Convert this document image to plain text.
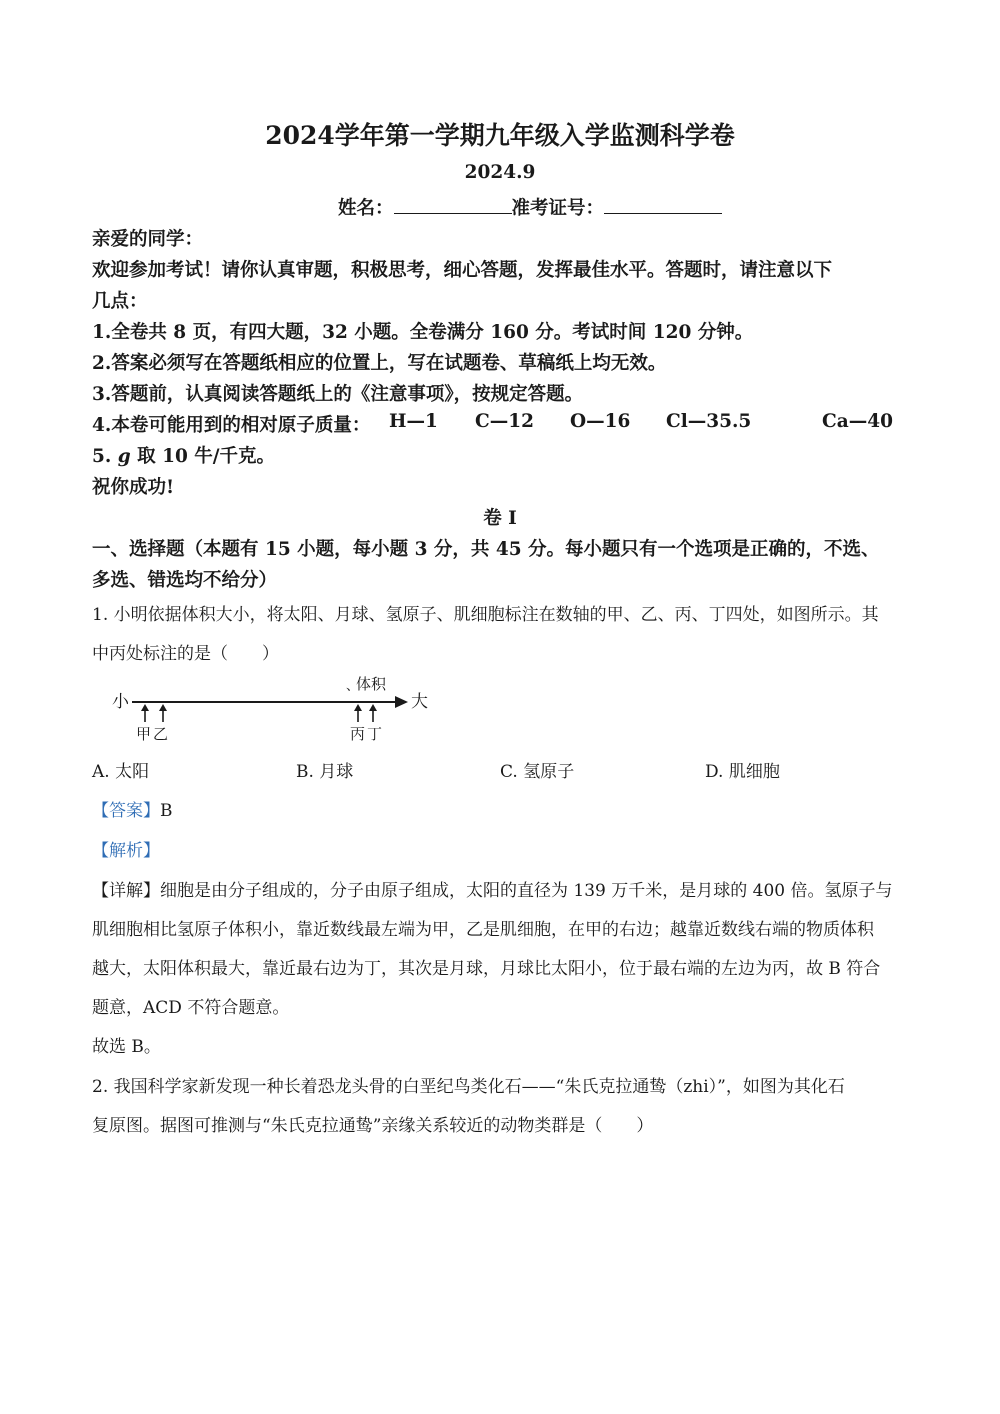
2024学年第一学期九年级入学监测科学卷
2024.9
姓名：	准考证号：
亲爱的同学：
欢迎参加考试！请你认真审题，积极思考，细心答题，发挥最佳水平。答题时，请注意以下
几点：
1.全卷共 8 页，有四大题，32 小题。全卷满分 160 分。考试时间 120 分钟。
2.答案必须写在答题纸相应的位置上，写在试题卷、草稿纸上均无效。
3.答题前，认真阅读答题纸上的《注意事项》，按规定答题。
4.本卷可能用到的相对原子质量： H—1 C—12 O—16 Cl—35.5	Ca—40
5. g 取 10 牛/千克。
祝你成功!
卷 I
一、选择题（本题有 15 小题，每小题 3 分，共 45 分。每小题只有一个选项是正确的，不选、
多选、错选均不给分）
1. 小明依据体积大小，将太阳、月球、氢原子、肌细胞标注在数轴的甲、乙、丙、丁四处，如图所示。其
中丙处标注的是（　　）
小	大
体积
、
甲 乙	丙 丁
A. 太阳	B. 月球	C. 氢原子	D. 肌细胞
【答案】B
【解析】
【详解】细胞是由分子组成的，分子由原子组成，太阳的直径为 139 万千米，是月球的 400 倍。氢原子与
肌细胞相比氢原子体积小，靠近数线最左端为甲，乙是肌细胞，在甲的右边；越靠近数线右端的物质体积
越大，太阳体积最大，靠近最右边为丁，其次是月球，月球比太阳小，位于最右端的左边为丙，故 B 符合
题意，ACD 不符合题意。
故选 B。
2. 我国科学家新发现一种长着恐龙头骨的白垩纪鸟类化石——“朱氏克拉通鸷（zhi）”，如图为其化石
复原图。据图可推测与“朱氏克拉通鸷”亲缘关系较近的动物类群是（　　）
